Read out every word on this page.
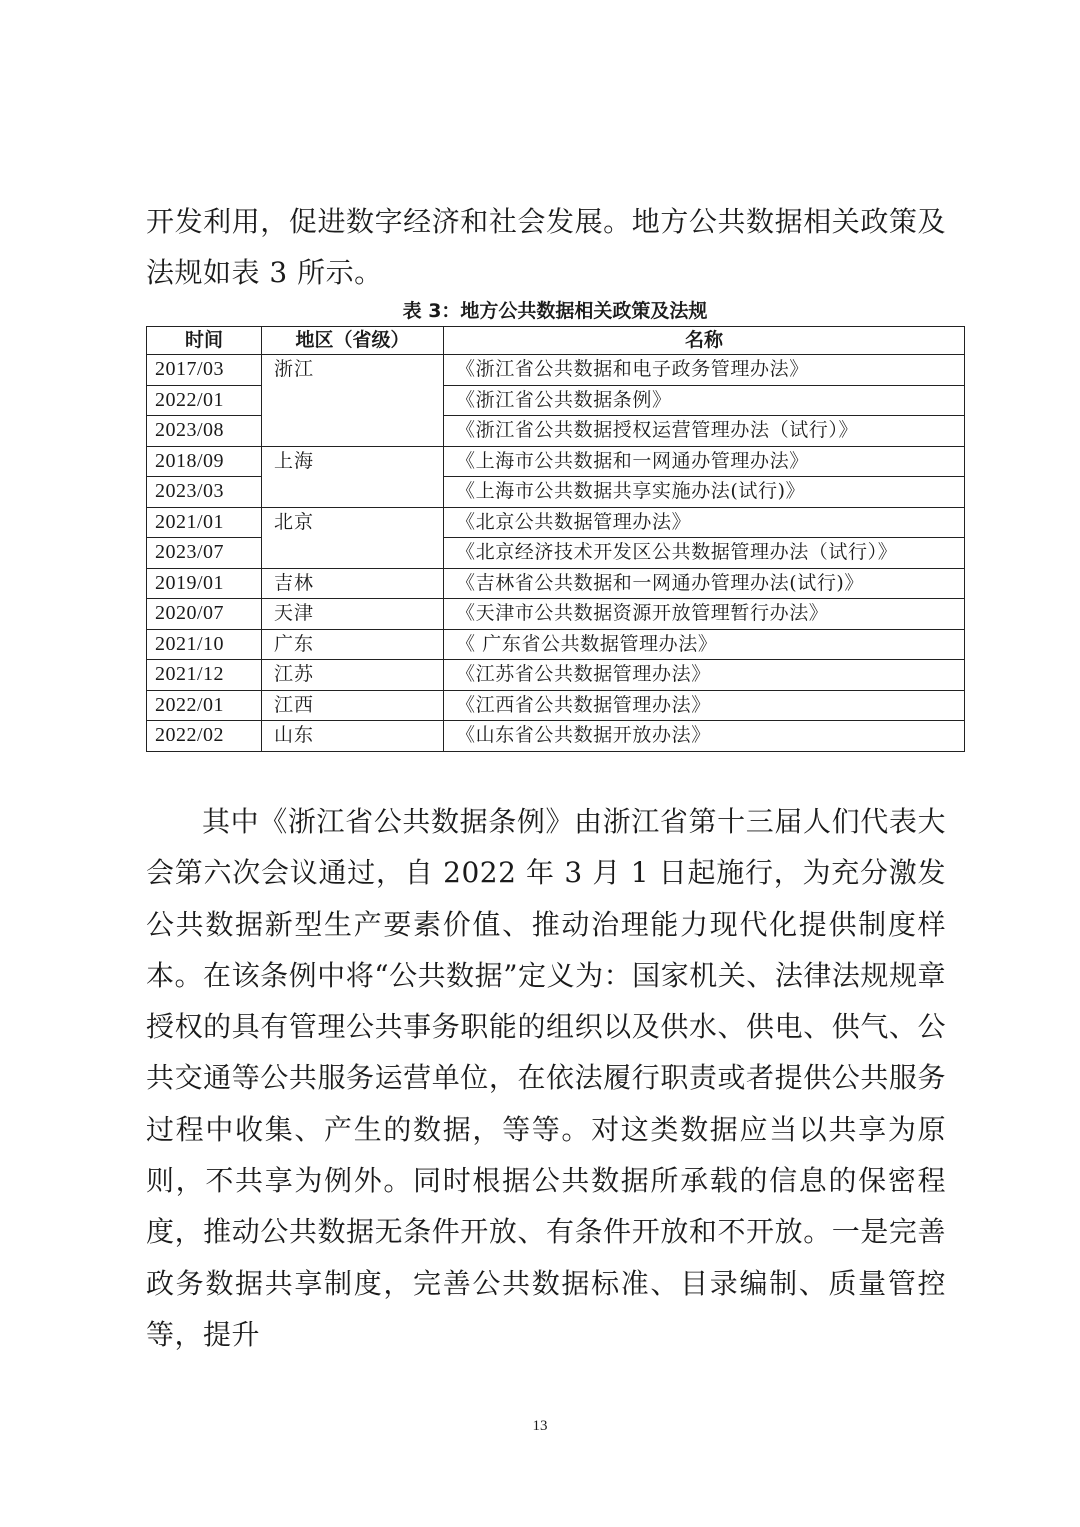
开发利用，促进数字经济和社会发展。地方公共数据相关政策及法规如表 3 所示。

表 3：地方公共数据相关政策及法规
时间	地区（省级）	名称
2017/03	浙江	《浙江省公共数据和电子政务管理办法》
2022/01		《浙江省公共数据条例》
2023/08		《浙江省公共数据授权运营管理办法（试行）》
2018/09	上海	《上海市公共数据和一网通办管理办法》
2023/03		《上海市公共数据共享实施办法(试行)》
2021/01	北京	《北京公共数据管理办法》
2023/07		《北京经济技术开发区公共数据管理办法（试行）》
2019/01	吉林	《吉林省公共数据和一网通办管理办法(试行)》
2020/07	天津	《天津市公共数据资源开放管理暂行办法》
2021/10	广东	《 广东省公共数据管理办法》
2021/12	江苏	《江苏省公共数据管理办法》
2022/01	江西	《江西省公共数据管理办法》
2022/02	山东	《山东省公共数据开放办法》

其中《浙江省公共数据条例》由浙江省第十三届人们代表大会第六次会议通过，自 2022 年 3 月 1 日起施行，为充分激发公共数据新型生产要素价值、推动治理能力现代化提供制度样本。在该条例中将“公共数据”定义为：国家机关、法律法规规章授权的具有管理公共事务职能的组织以及供水、供电、供气、公共交通等公共服务运营单位，在依法履行职责或者提供公共服务过程中收集、产生的数据，等等。对这类数据应当以共享为原则，不共享为例外。同时根据公共数据所承载的信息的保密程度，推动公共数据无条件开放、有条件开放和不开放。一是完善政务数据共享制度，完善公共数据标准、目录编制、质量管控等，提升

13
